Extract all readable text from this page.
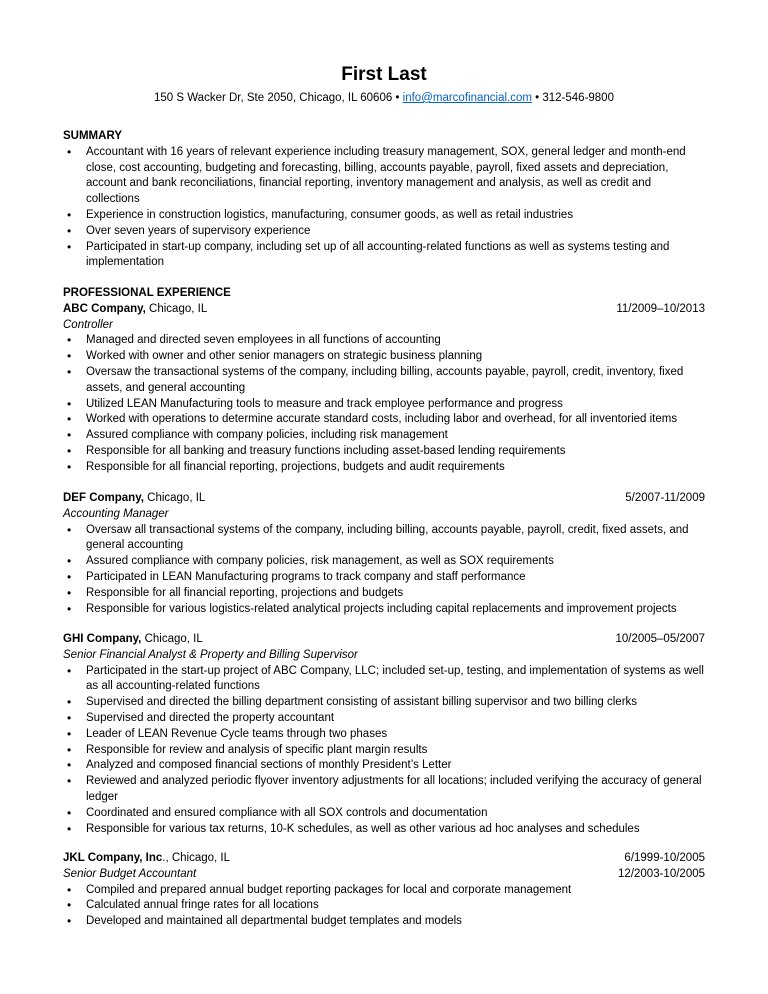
First Last
150 S Wacker Dr, Ste 2050, Chicago, IL 60606 • info@marcofinancial.com • 312-546-9800
SUMMARY
• Accountant with 16 years of relevant experience including treasury management, SOX, general ledger and month-end close, cost accounting, budgeting and forecasting, billing, accounts payable, payroll, fixed assets and depreciation, account and bank reconciliations, financial reporting, inventory management and analysis, as well as credit and collections
• Experience in construction logistics, manufacturing, consumer goods, as well as retail industries
• Over seven years of supervisory experience
• Participated in start-up company, including set up of all accounting-related functions as well as systems testing and implementation
PROFESSIONAL EXPERIENCE
ABC Company, Chicago, IL	11/2009–10/2013
Controller
• Managed and directed seven employees in all functions of accounting
• Worked with owner and other senior managers on strategic business planning
• Oversaw the transactional systems of the company, including billing, accounts payable, payroll, credit, inventory, fixed assets, and general accounting
• Utilized LEAN Manufacturing tools to measure and track employee performance and progress
• Worked with operations to determine accurate standard costs, including labor and overhead, for all inventoried items
• Assured compliance with company policies, including risk management
• Responsible for all banking and treasury functions including asset-based lending requirements
• Responsible for all financial reporting, projections, budgets and audit requirements
DEF Company, Chicago, IL	5/2007-11/2009
Accounting Manager
• Oversaw all transactional systems of the company, including billing, accounts payable, payroll, credit, fixed assets, and general accounting
• Assured compliance with company policies, risk management, as well as SOX requirements
• Participated in LEAN Manufacturing programs to track company and staff performance
• Responsible for all financial reporting, projections and budgets
• Responsible for various logistics-related analytical projects including capital replacements and improvement projects
GHI Company, Chicago, IL	10/2005–05/2007
Senior Financial Analyst & Property and Billing Supervisor
• Participated in the start-up project of ABC Company, LLC; included set-up, testing, and implementation of systems as well as all accounting-related functions
• Supervised and directed the billing department consisting of assistant billing supervisor and two billing clerks
• Supervised and directed the property accountant
• Leader of LEAN Revenue Cycle teams through two phases
• Responsible for review and analysis of specific plant margin results
• Analyzed and composed financial sections of monthly President’s Letter
• Reviewed and analyzed periodic flyover inventory adjustments for all locations; included verifying the accuracy of general ledger
• Coordinated and ensured compliance with all SOX controls and documentation
• Responsible for various tax returns, 10-K schedules, as well as other various ad hoc analyses and schedules
JKL Company, Inc., Chicago, IL	6/1999-10/2005
Senior Budget Accountant	12/2003-10/2005
• Compiled and prepared annual budget reporting packages for local and corporate management
• Calculated annual fringe rates for all locations
• Developed and maintained all departmental budget templates and models
